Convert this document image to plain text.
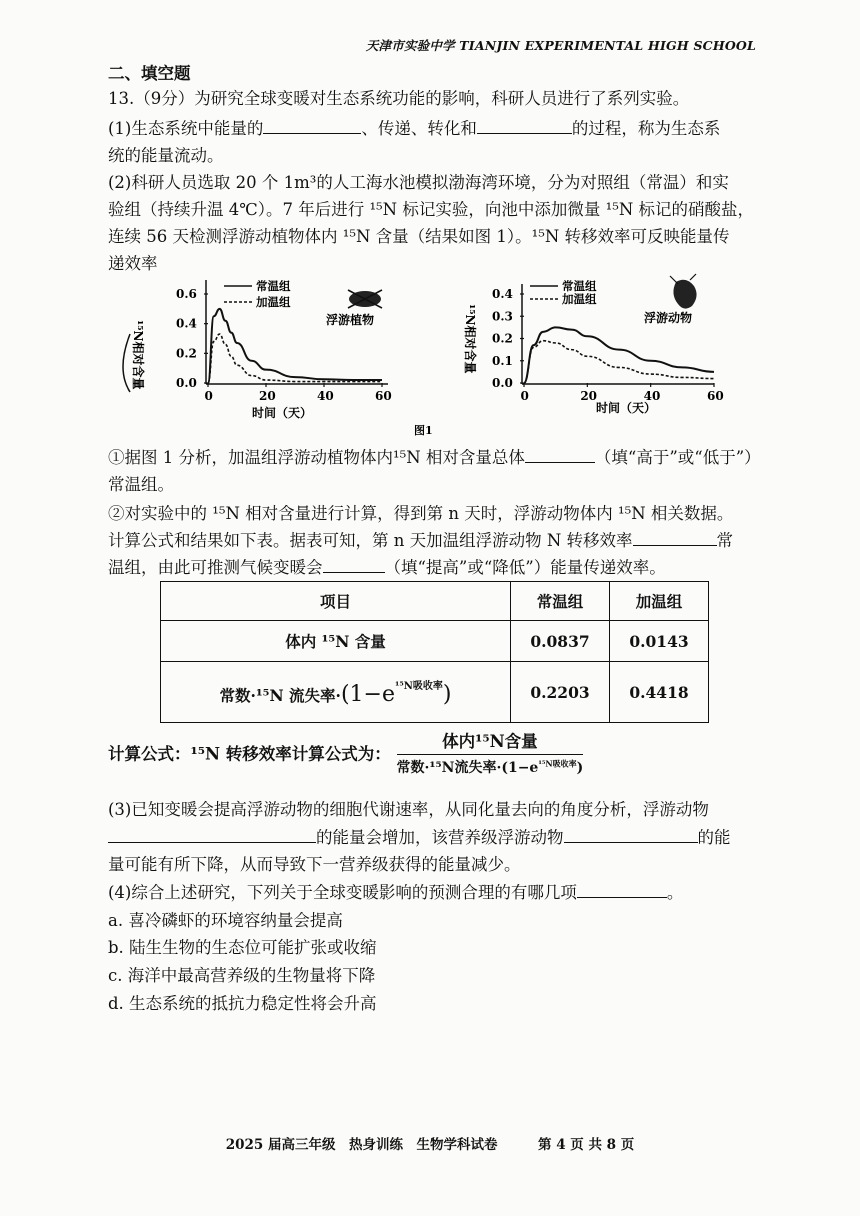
天津市实验中学 TIANJIN EXPERIMENTAL HIGH SCHOOL
二、填空题
13.（9分）为研究全球变暖对生态系统功能的影响，科研人员进行了系列实验。
(1)生态系统中能量的	、传递、转化和	的过程，称为生态系
统的能量流动。
(2)科研人员选取 20 个 1m³的人工海水池模拟渤海湾环境，分为对照组（常温）和实
验组（持续升温 4℃）。7 年后进行 ¹⁵N 标记实验，向池中添加微量 ¹⁵N 标记的硝酸盐，
连续 56 天检测浮游动植物体内 ¹⁵N 含量（结果如图 1）。¹⁵N 转移效率可反映能量传
递效率
¹⁵N相对含量
0.6
0.4
0.2
0.0
0	20	40	60
时间（天）
常温组
加温组
浮游植物	¹⁵N相对含量
0.4
0.3
0.2
0.1
0.0
0	20	40	60
时间（天）
常温组
加温组
浮游动物
图1
①据图 1 分析，加温组浮游动植物体内¹⁵N 相对含量总体	（填“高于”或“低于”）
常温组。
②对实验中的 ¹⁵N 相对含量进行计算，得到第 n 天时，浮游动物体内 ¹⁵N 相关数据。
计算公式和结果如下表。据表可知，第 n 天加温组浮游动物 N 转移效率	常
温组，由此可推测气候变暖会	（填“提高”或“降低”）能量传递效率。
项目	常温组	加温组
体内 ¹⁵N 含量	0.0837	0.0143
常数·¹⁵N 流失率$\cdot(1-e^{^{15}N吸收率})$	0.2203	0.4418
计算公式：¹⁵N 转移效率计算公式为： $\frac{\text{体内¹⁵N含量}}{常数\cdot^{15}N流失率\cdot(1-e^{^{15}N吸收率})}$
(3)已知变暖会提高浮游动物的细胞代谢速率，从同化量去向的角度分析，浮游动物
的能量会增加，该营养级浮游动物	的能
量可能有所下降，从而导致下一营养级获得的能量减少。
(4)综合上述研究，下列关于全球变暖影响的预测合理的有哪几项	。
a. 喜冷磷虾的环境容纳量会提高
b. 陆生生物的生态位可能扩张或收缩
c. 海洋中最高营养级的生物量将下降
d. 生态系统的抵抗力稳定性将会升高
2025 届高三年级　热身训练　生物学科试卷　　　第 4 页 共 8 页
